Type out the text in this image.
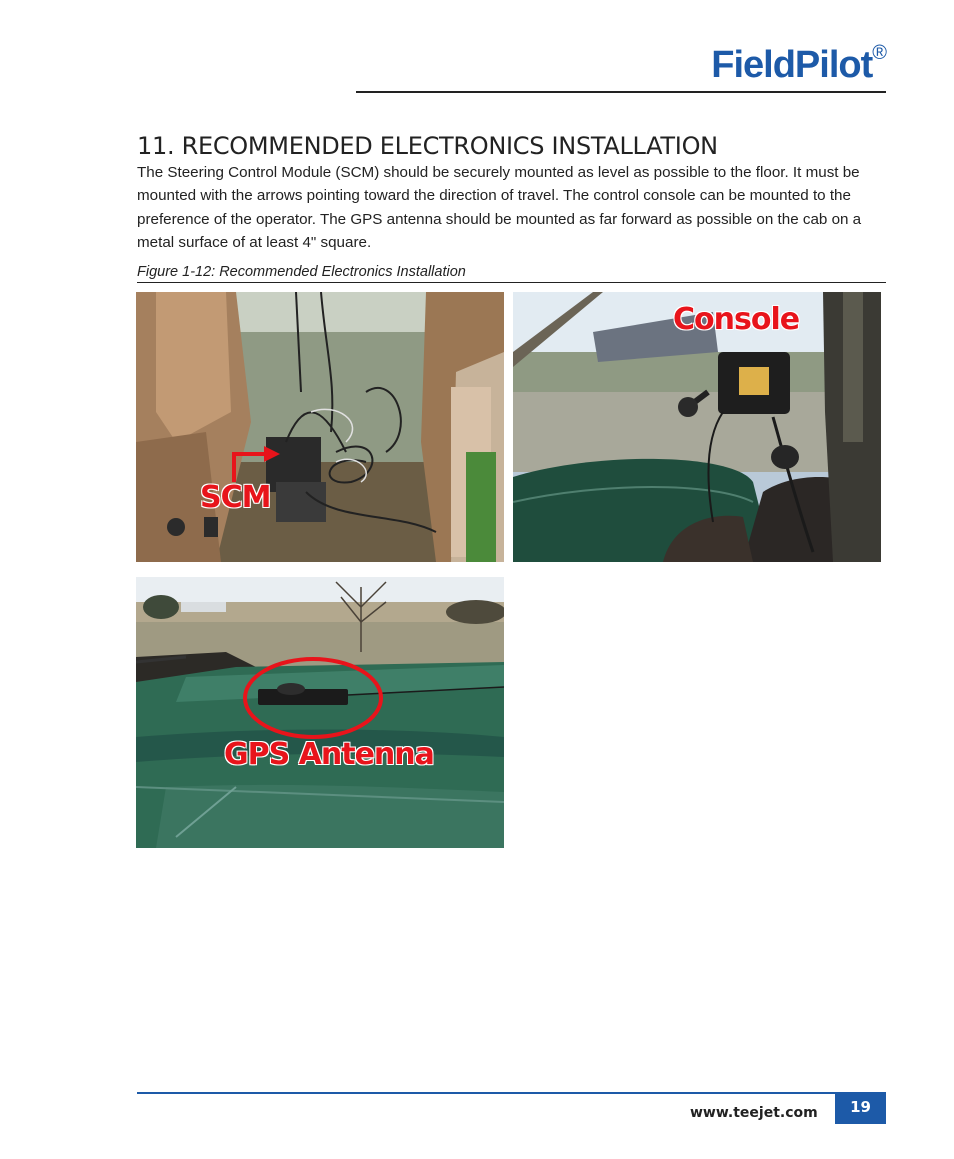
FieldPilot®
11. RECOMMENDED ELECTRONICS INSTALLATION
The Steering Control Module (SCM) should be securely mounted as level as possible to the floor. It must be mounted with the arrows pointing toward the direction of travel. The control console can be mounted to the preference of the operator. The GPS antenna should be mounted as far forward as possible on the cab on a metal surface of at least 4" square.
Figure 1-12: Recommended Electronics Installation
SCM
Console
GPS Antenna
www.teejet.com	19
